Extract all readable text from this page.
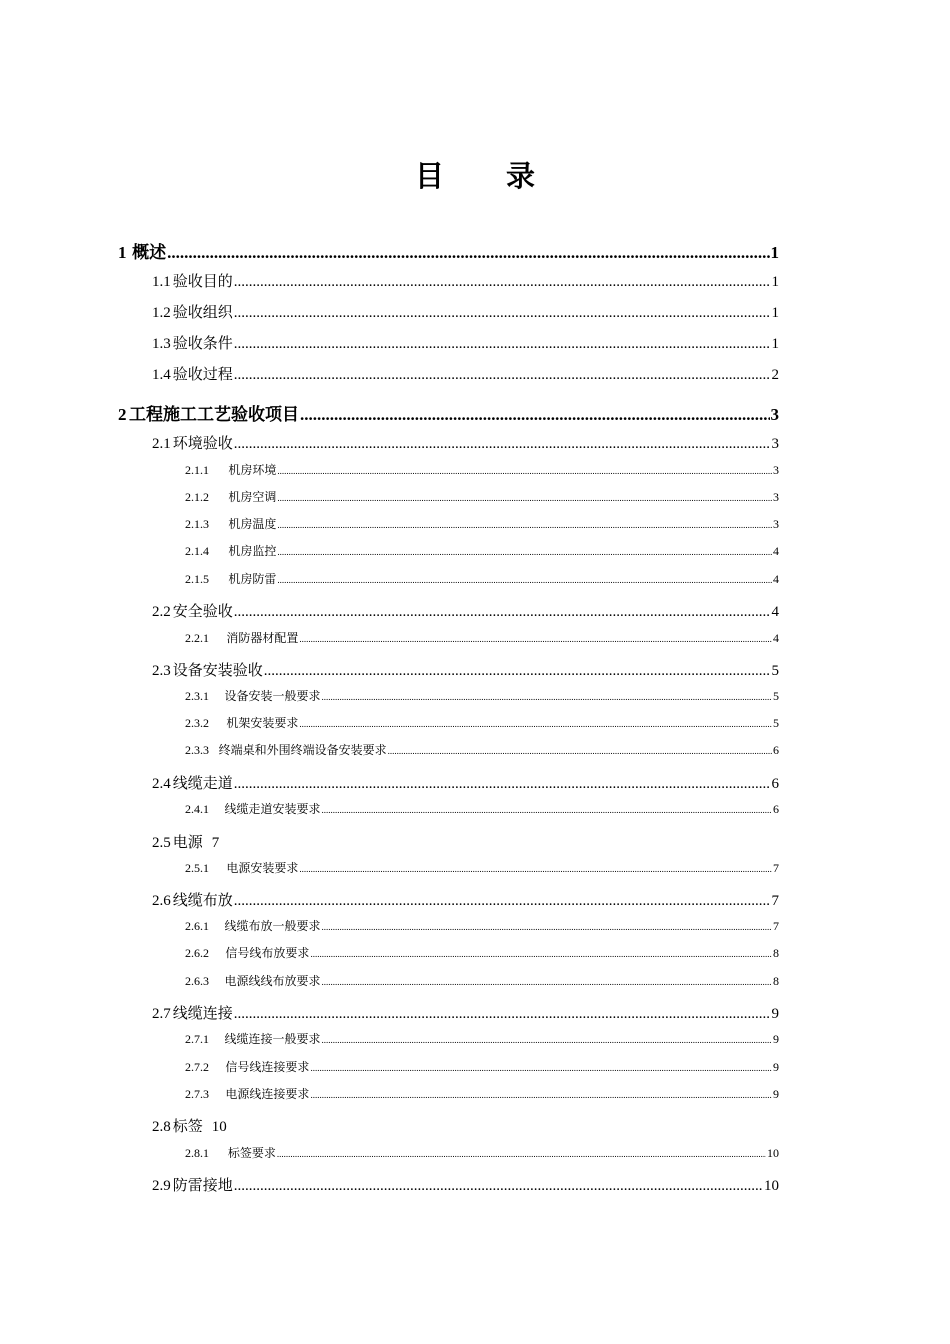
目 录
1 概述 .....	1
1.1 验收目的 .....	1
1.2 验收组织 .....	1
1.3 验收条件 .....	1
1.4 验收过程 .....	2
2 工程施工工艺验收项目 .....	3
2.1 环境验收 .....	3
2.1.1	机房环境 .....	3
2.1.2	机房空调 .....	3
2.1.3	机房温度 .....	3
2.1.4	机房监控 .....	4
2.1.5	机房防雷 .....	4
2.2 安全验收 .....	4
2.2.1	消防器材配置 .....	4
2.3 设备安装验收 .....	5
2.3.1	设备安装一般要求 .....	5
2.3.2	机架安装要求 .....	5
2.3.3 终端桌和外围终端设备安装要求 .....	6
2.4 线缆走道 .....	6
2.4.1	线缆走道安装要求 .....	6
2.5 电源 7
2.5.1	电源安装要求 .....	7
2.6 线缆布放 .....	7
2.6.1	线缆布放一般要求 .....	7
2.6.2	信号线布放要求 .....	8
2.6.3	电源线线布放要求 .....	8
2.7 线缆连接 .....	9
2.7.1	线缆连接一般要求 .....	9
2.7.2	信号线连接要求 .....	9
2.7.3	电源线连接要求 .....	9
2.8 标签 10
2.8.1	标签要求 .....	10
2.9 防雷接地 .....	10
